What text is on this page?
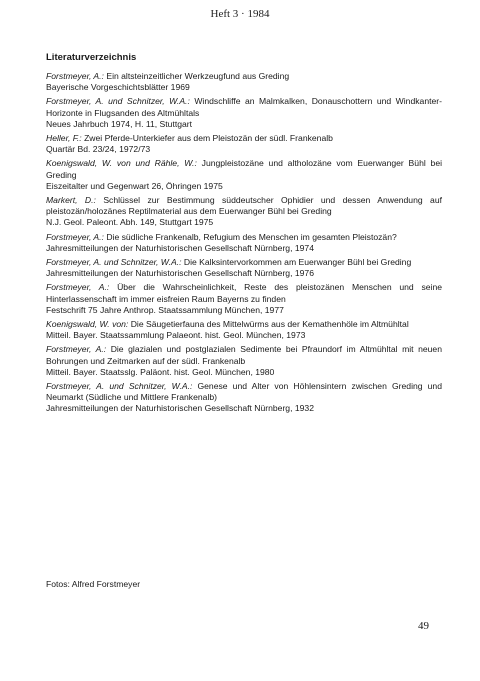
Heft 3 · 1984
Literaturverzeichnis
Forstmeyer, A.: Ein altsteinzeitlicher Werkzeugfund aus Greding
Bayerische Vorgeschichtsblätter 1969
Forstmeyer, A. und Schnitzer, W.A.: Windschliffe an Malmkalken, Donauschottern und Windkanter-Horizonte in Flugsanden des Altmühltals
Neues Jahrbuch 1974, H. 11, Stuttgart
Heller, F.: Zwei Pferde-Unterkiefer aus dem Pleistozän der südl. Frankenalb
Quartär Bd. 23/24, 1972/73
Koenigswald, W. von und Rähle, W.: Jungpleistozäne und altholozäne vom Euerwanger Bühl bei Greding
Eiszeitalter und Gegenwart 26, Öhringen 1975
Markert, D.: Schlüssel zur Bestimmung süddeutscher Ophidier und dessen Anwendung auf pleistozän/holozänes Reptilmaterial aus dem Euerwanger Bühl bei Greding
N.J. Geol. Paleont. Abh. 149, Stuttgart 1975
Forstmeyer, A.: Die südliche Frankenalb, Refugium des Menschen im gesamten Pleistozän?
Jahresmitteilungen der Naturhistorischen Gesellschaft Nürnberg, 1974
Forstmeyer, A. und Schnitzer, W.A.: Die Kalksintervorkommen am Euerwanger Bühl bei Greding
Jahresmitteilungen der Naturhistorischen Gesellschaft Nürnberg, 1976
Forstmeyer, A.: Über die Wahrscheinlichkeit, Reste des pleistozänen Menschen und seine Hinterlassenschaft im immer eisfreien Raum Bayerns zu finden
Festschrift 75 Jahre Anthrop. Staatssammlung München, 1977
Koenigswald, W. von: Die Säugetierfauna des Mittelwürms aus der Kemathenhöle im Altmühltal
Mitteil. Bayer. Staatssammlung Palaeont. hist. Geol. München, 1973
Forstmeyer, A.: Die glazialen und postglazialen Sedimente bei Pfraundorf im Altmühltal mit neuen Bohrungen und Zeitmarken auf der südl. Frankenalb
Mitteil. Bayer. Staatsslg. Paläont. hist. Geol. München, 1980
Forstmeyer, A. und Schnitzer, W.A.: Genese und Alter von Höhlensintern zwischen Greding und Neumarkt (Südliche und Mittlere Frankenalb)
Jahresmitteilungen der Naturhistorischen Gesellschaft Nürnberg, 1932
Fotos: Alfred Forstmeyer
49
